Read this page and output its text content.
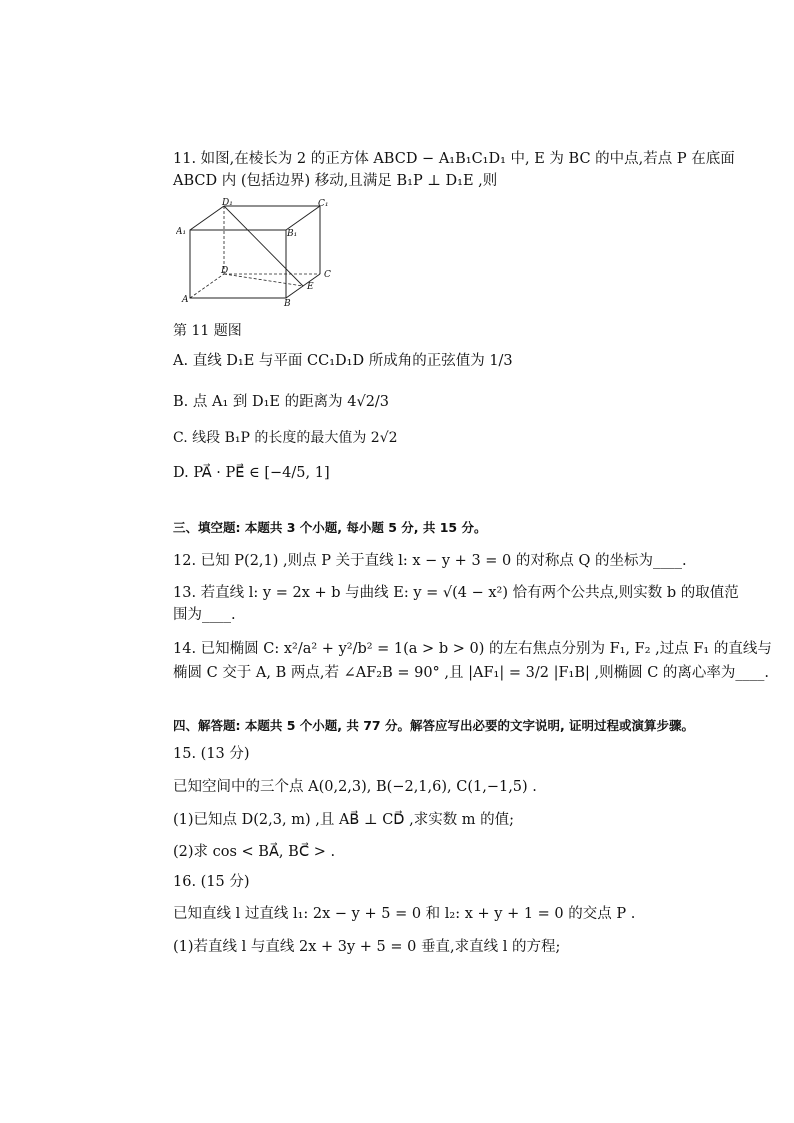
11. 如图,在棱长为 2 的正方体 ABCD − A₁B₁C₁D₁ 中, E 为 BC 的中点,若点 P 在底面
ABCD 内 (包括边界) 移动,且满足 B₁P ⊥ D₁E ,则
D₁	C₁
A₁	B₁
D	C
E
A	B
第 11 题图
A. 直线 D₁E 与平面 CC₁D₁D 所成角的正弦值为 1/3
B. 点 A₁ 到 D₁E 的距离为 4√2/3
C. 线段 B₁P 的长度的最大值为 2√2
D. PA⃗ · PE⃗ ∈ [−4/5, 1]
三、填空题: 本题共 3 个小题, 每小题 5 分, 共 15 分。
12. 已知 P(2,1) ,则点 P 关于直线 l: x − y + 3 = 0 的对称点 Q 的坐标为____.
13. 若直线 l: y = 2x + b 与曲线 E: y = √(4 − x²) 恰有两个公共点,则实数 b 的取值范
围为____.
14. 已知椭圆 C: x²/a² + y²/b² = 1(a > b > 0) 的左右焦点分别为 F₁, F₂ ,过点 F₁ 的直线与
椭圆 C 交于 A, B 两点,若 ∠AF₂B = 90° ,且 |AF₁| = 3/2 |F₁B| ,则椭圆 C 的离心率为____.
四、解答题: 本题共 5 个小题, 共 77 分。解答应写出必要的文字说明, 证明过程或演算步骤。
15. (13 分)
已知空间中的三个点 A(0,2,3), B(−2,1,6), C(1,−1,5) .
(1)已知点 D(2,3, m) ,且 AB⃗ ⊥ CD⃗ ,求实数 m 的值;
(2)求 cos < BA⃗, BC⃗ > .
16. (15 分)
已知直线 l 过直线 l₁: 2x − y + 5 = 0 和 l₂: x + y + 1 = 0 的交点 P .
(1)若直线 l 与直线 2x + 3y + 5 = 0 垂直,求直线 l 的方程;
